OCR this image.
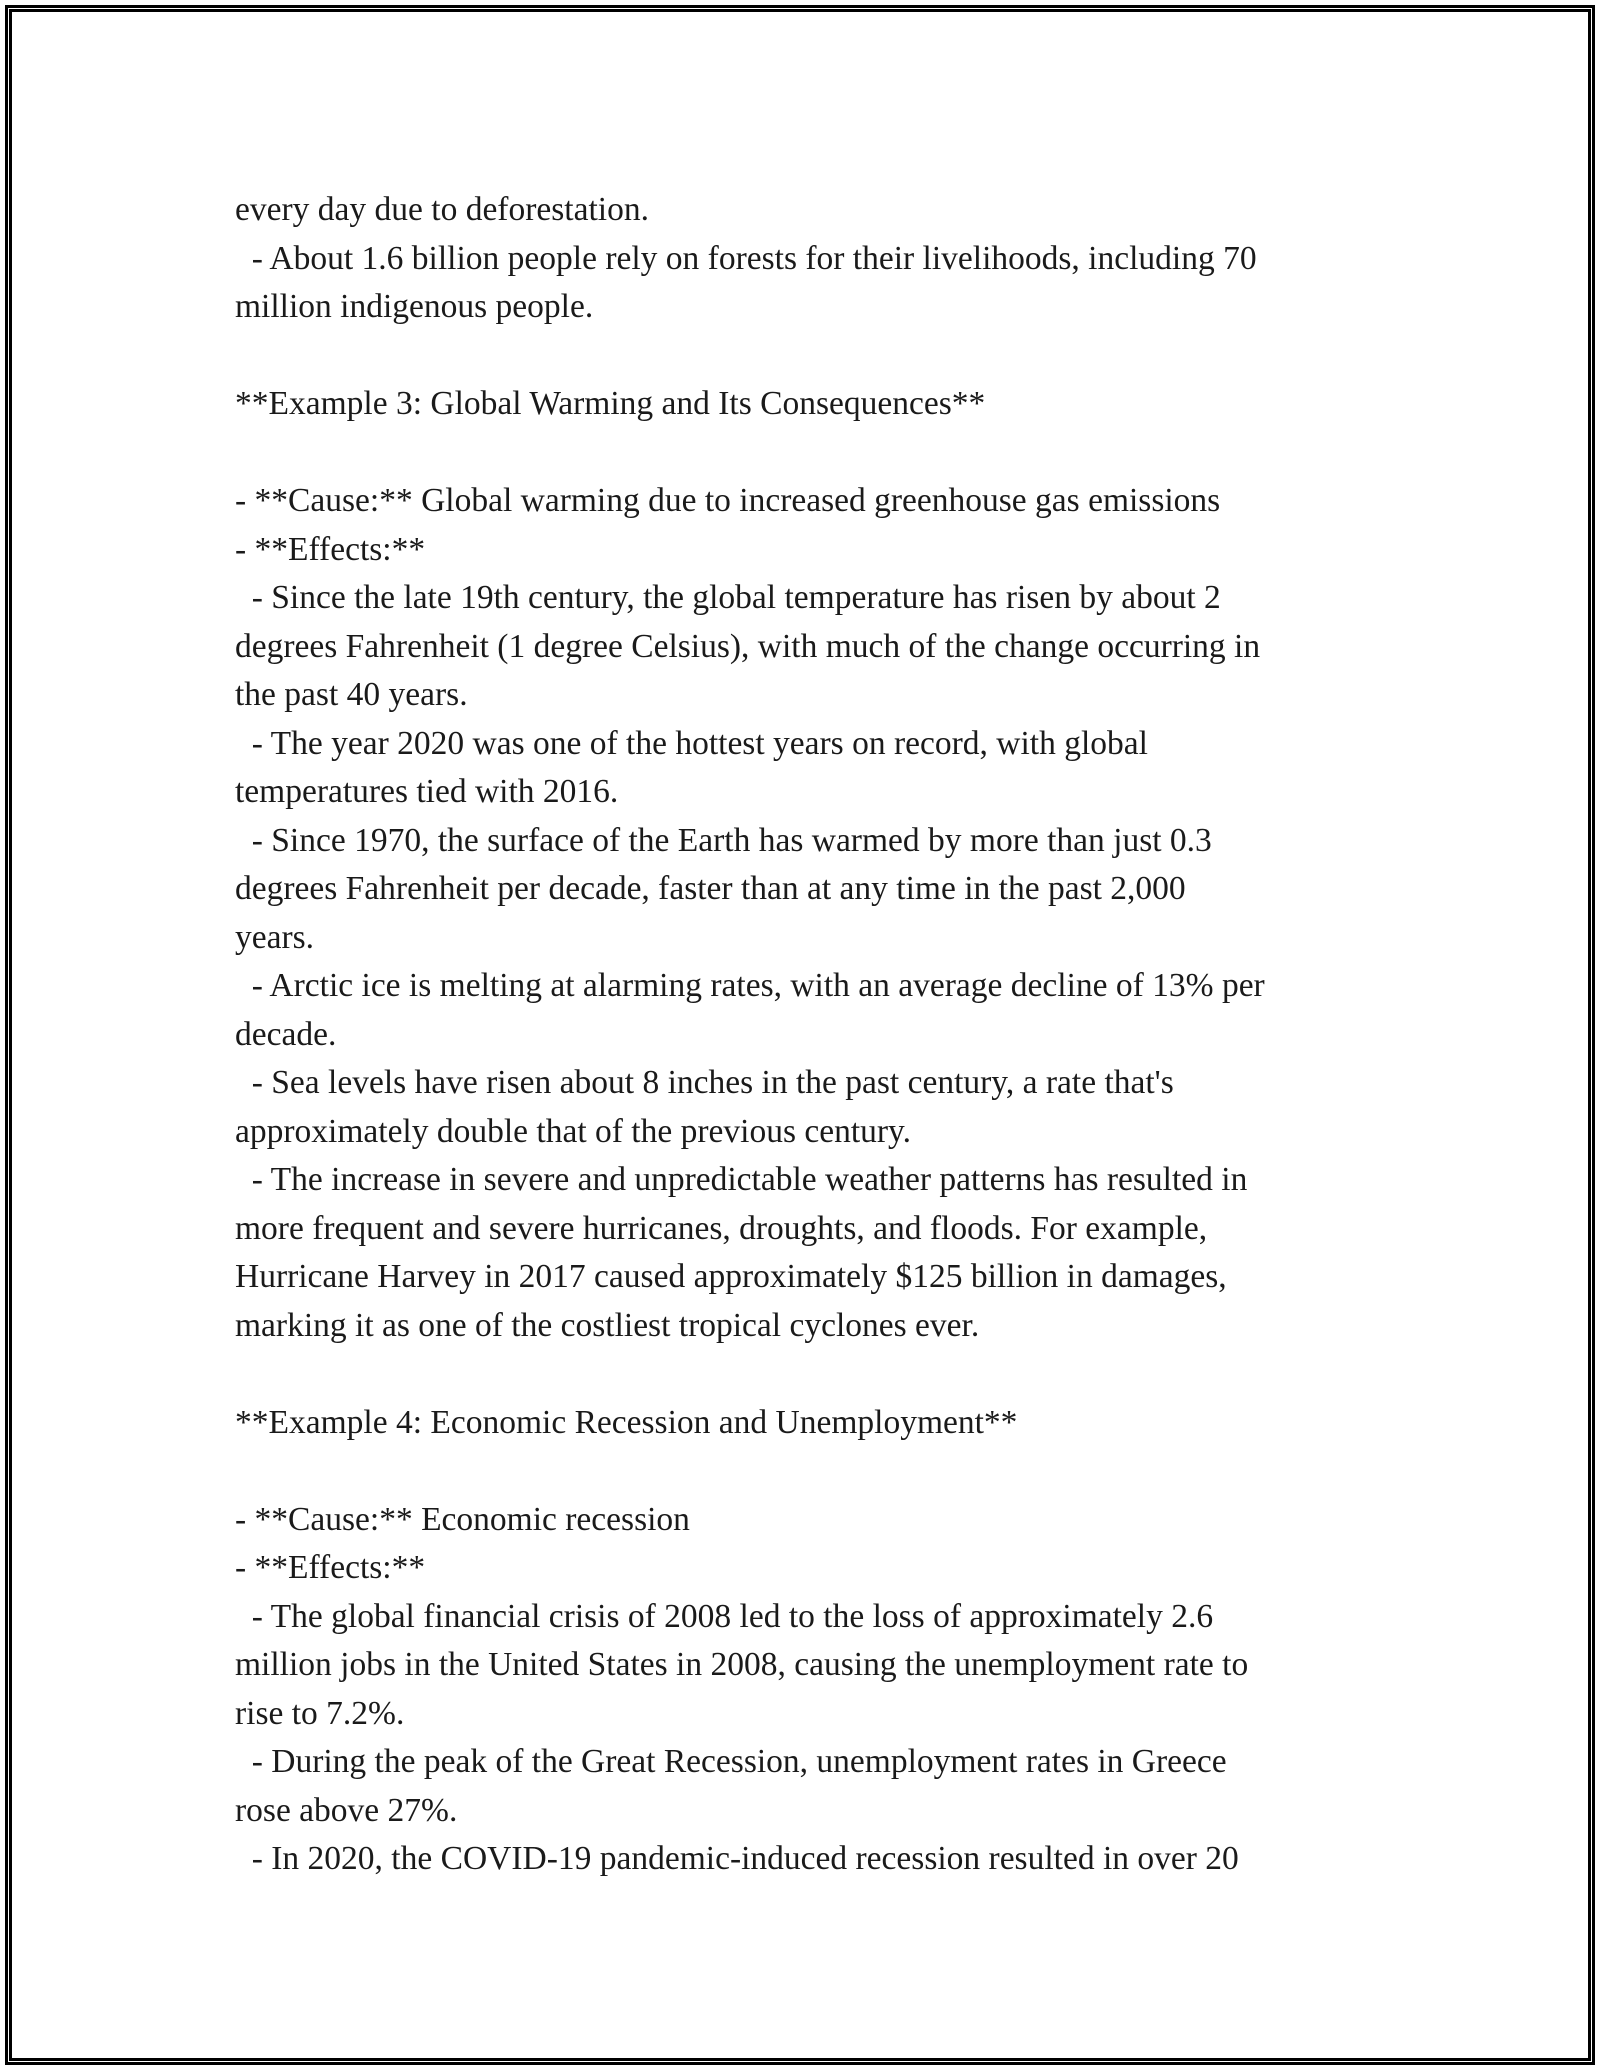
every day due to deforestation.
- About 1.6 billion people rely on forests for their livelihoods, including 70
million indigenous people.
**Example 3: Global Warming and Its Consequences**
- **Cause:** Global warming due to increased greenhouse gas emissions
- **Effects:**
- Since the late 19th century, the global temperature has risen by about 2
degrees Fahrenheit (1 degree Celsius), with much of the change occurring in
the past 40 years.
- The year 2020 was one of the hottest years on record, with global
temperatures tied with 2016.
- Since 1970, the surface of the Earth has warmed by more than just 0.3
degrees Fahrenheit per decade, faster than at any time in the past 2,000
years.
- Arctic ice is melting at alarming rates, with an average decline of 13% per
decade.
- Sea levels have risen about 8 inches in the past century, a rate that's
approximately double that of the previous century.
- The increase in severe and unpredictable weather patterns has resulted in
more frequent and severe hurricanes, droughts, and floods. For example,
Hurricane Harvey in 2017 caused approximately $125 billion in damages,
marking it as one of the costliest tropical cyclones ever.
**Example 4: Economic Recession and Unemployment**
- **Cause:** Economic recession
- **Effects:**
- The global financial crisis of 2008 led to the loss of approximately 2.6
million jobs in the United States in 2008, causing the unemployment rate to
rise to 7.2%.
- During the peak of the Great Recession, unemployment rates in Greece
rose above 27%.
- In 2020, the COVID-19 pandemic-induced recession resulted in over 20
